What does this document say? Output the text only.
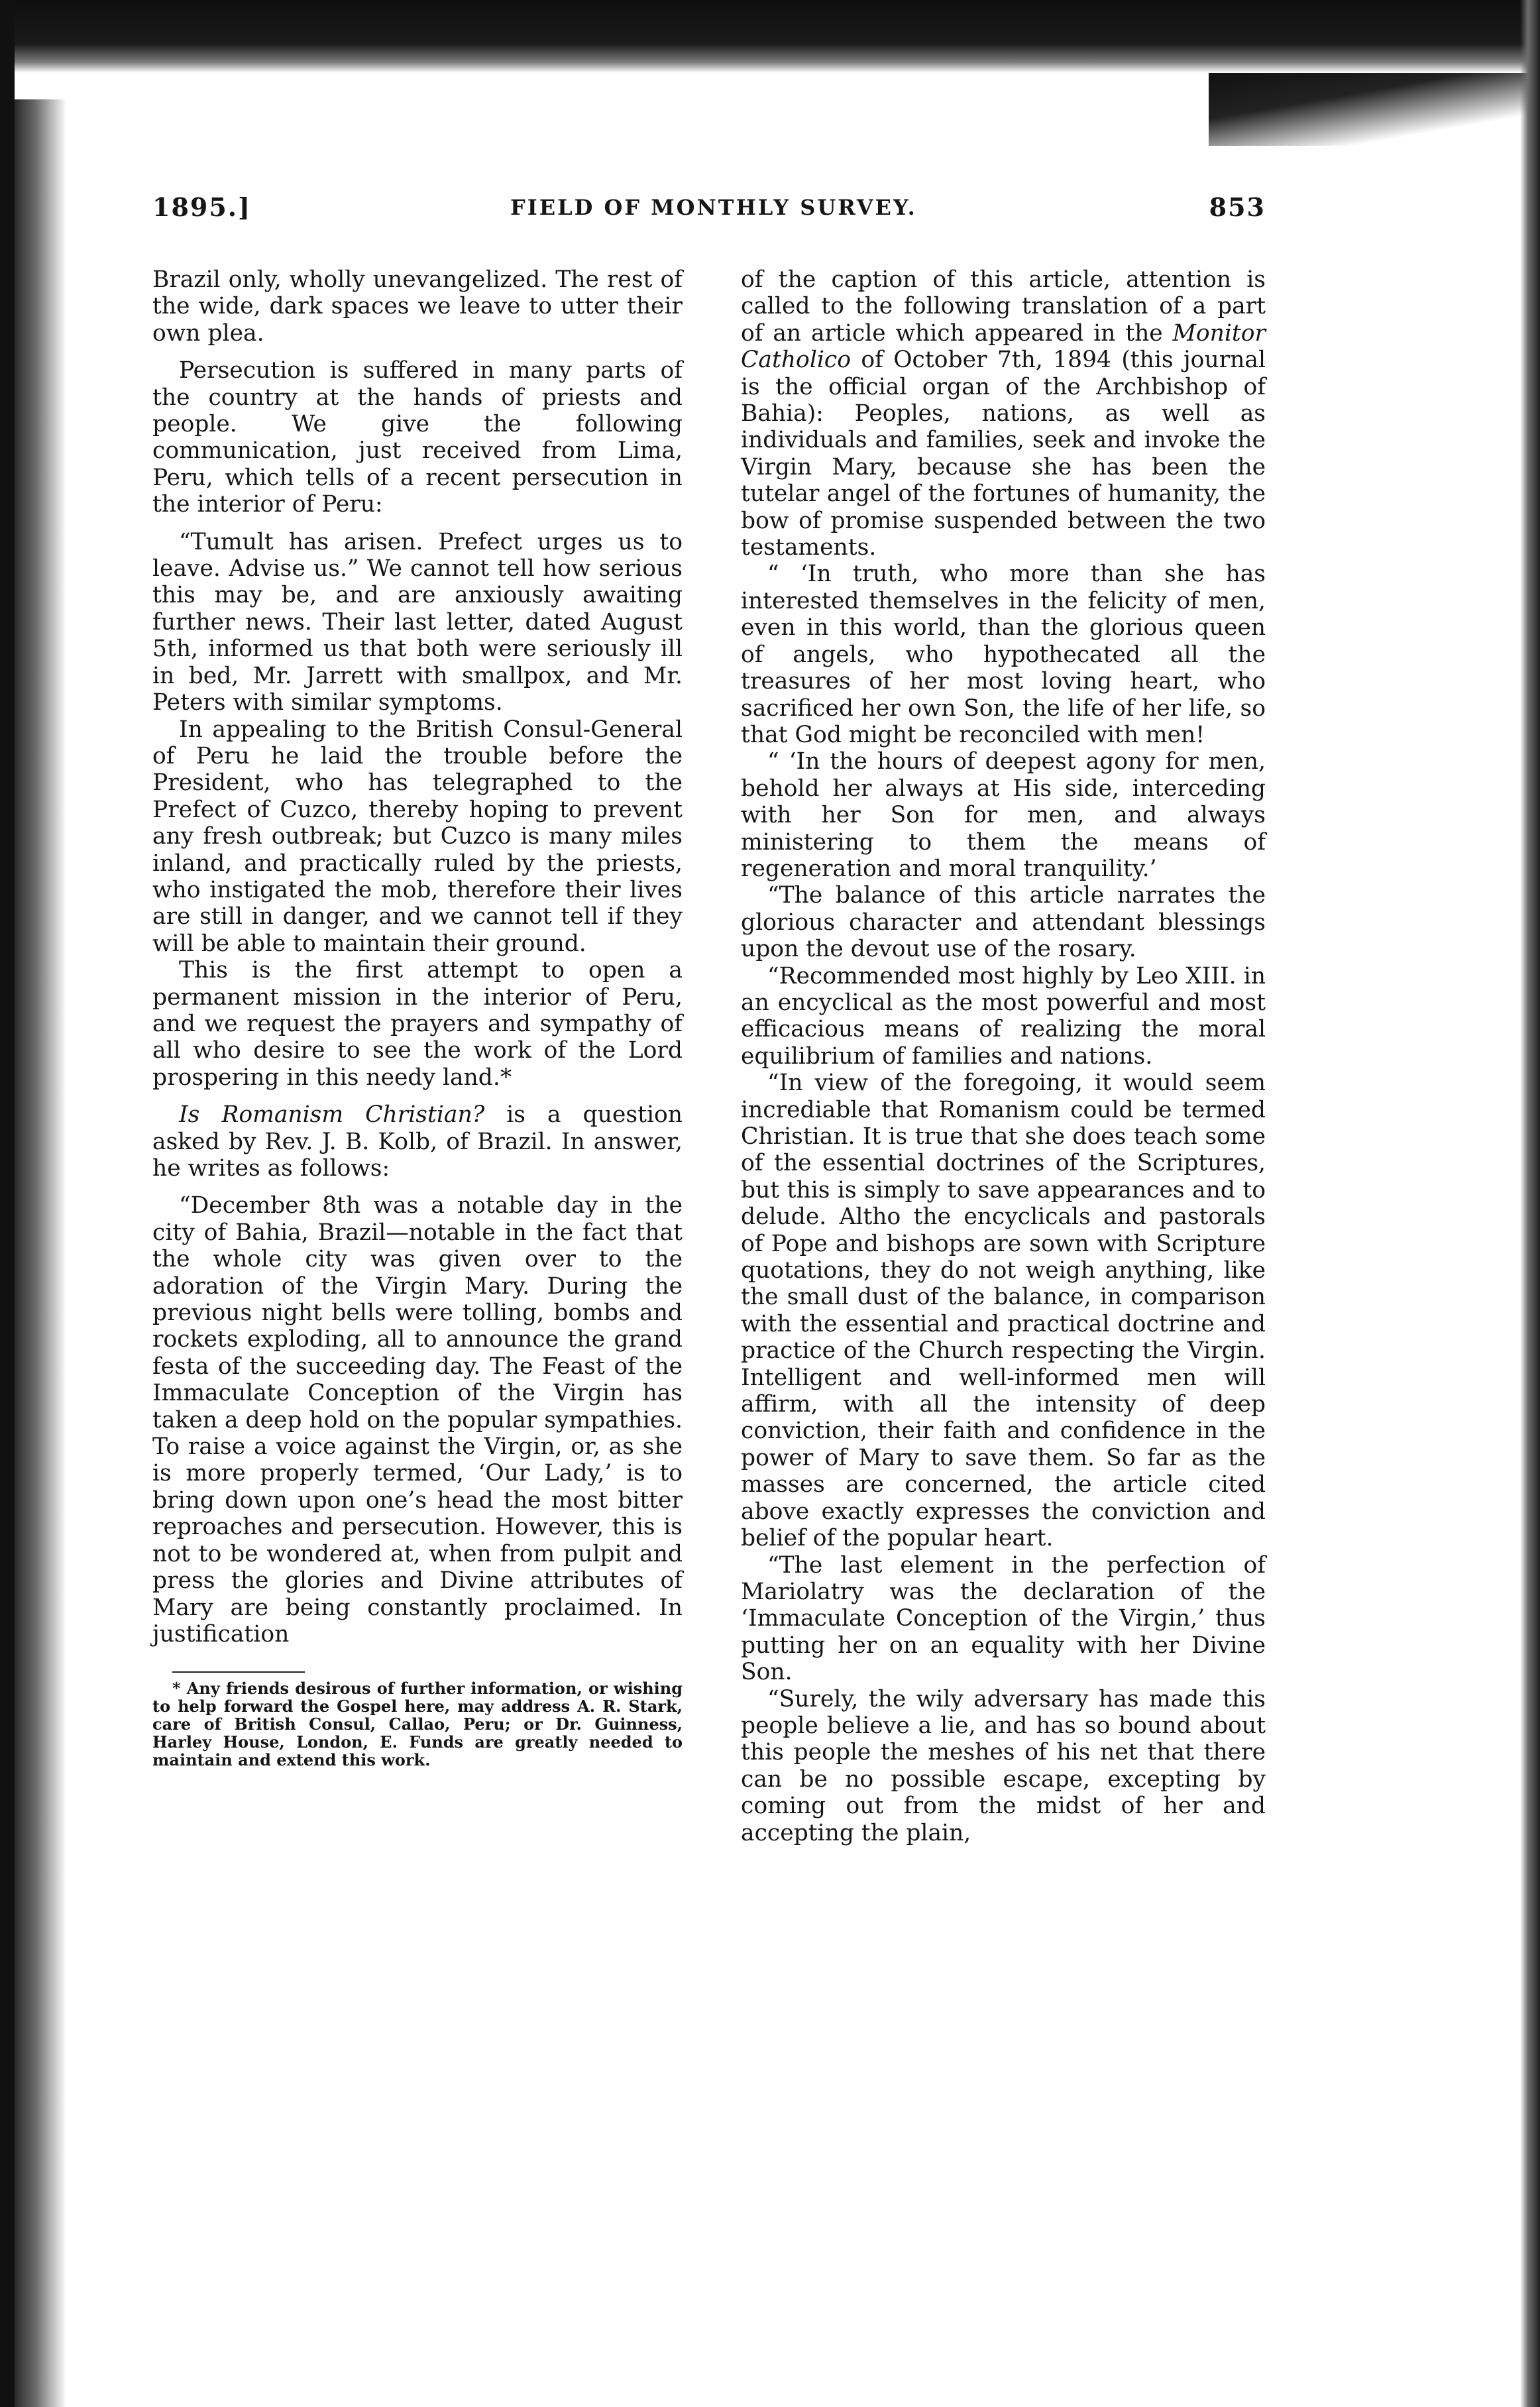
1895.]	FIELD OF MONTHLY SURVEY.	853

Brazil only, wholly unevangelized. The rest of the wide, dark spaces we leave to utter their own plea.

Persecution is suffered in many parts of the country at the hands of priests and people. We give the following communication, just received from Lima, Peru, which tells of a recent persecution in the interior of Peru:

“Tumult has arisen. Prefect urges us to leave. Advise us.” We cannot tell how serious this may be, and are anxiously awaiting further news. Their last letter, dated August 5th, informed us that both were seriously ill in bed, Mr. Jarrett with smallpox, and Mr. Peters with similar symptoms.

In appealing to the British Consul-General of Peru he laid the trouble before the President, who has telegraphed to the Prefect of Cuzco, thereby hoping to prevent any fresh outbreak; but Cuzco is many miles inland, and practically ruled by the priests, who instigated the mob, therefore their lives are still in danger, and we cannot tell if they will be able to maintain their ground.

This is the first attempt to open a permanent mission in the interior of Peru, and we request the prayers and sympathy of all who desire to see the work of the Lord prospering in this needy land.*

Is Romanism Christian? is a question asked by Rev. J. B. Kolb, of Brazil. In answer, he writes as follows:

“December 8th was a notable day in the city of Bahia, Brazil—notable in the fact that the whole city was given over to the adoration of the Virgin Mary. During the previous night bells were tolling, bombs and rockets exploding, all to announce the grand festa of the succeeding day. The Feast of the Immaculate Conception of the Virgin has taken a deep hold on the popular sympathies. To raise a voice against the Virgin, or, as she is more properly termed, ‘Our Lady,’ is to bring down upon one’s head the most bitter reproaches and persecution. However, this is not to be wondered at, when from pulpit and press the glories and Divine attributes of Mary are being constantly proclaimed. In justification

* Any friends desirous of further information, or wishing to help forward the Gospel here, may address A. R. Stark, care of British Consul, Callao, Peru; or Dr. Guinness, Harley House, London, E. Funds are greatly needed to maintain and extend this work.

of the caption of this article, attention is called to the following translation of a part of an article which appeared in the Monitor Catholico of October 7th, 1894 (this journal is the official organ of the Archbishop of Bahia): Peoples, nations, as well as individuals and families, seek and invoke the Virgin Mary, because she has been the tutelar angel of the fortunes of humanity, the bow of promise suspended between the two testaments.

“ ‘In truth, who more than she has interested themselves in the felicity of men, even in this world, than the glorious queen of angels, who hypothecated all the treasures of her most loving heart, who sacrificed her own Son, the life of her life, so that God might be reconciled with men!

“ ‘In the hours of deepest agony for men, behold her always at His side, interceding with her Son for men, and always ministering to them the means of regeneration and moral tranquility.’

“The balance of this article narrates the glorious character and attendant blessings upon the devout use of the rosary.

“Recommended most highly by Leo XIII. in an encyclical as the most powerful and most efficacious means of realizing the moral equilibrium of families and nations.

“In view of the foregoing, it would seem incrediable that Romanism could be termed Christian. It is true that she does teach some of the essential doctrines of the Scriptures, but this is simply to save appearances and to delude. Altho the encyclicals and pastorals of Pope and bishops are sown with Scripture quotations, they do not weigh anything, like the small dust of the balance, in comparison with the essential and practical doctrine and practice of the Church respecting the Virgin. Intelligent and well-informed men will affirm, with all the intensity of deep conviction, their faith and confidence in the power of Mary to save them. So far as the masses are concerned, the article cited above exactly expresses the conviction and belief of the popular heart.

“The last element in the perfection of Mariolatry was the declaration of the ‘Immaculate Conception of the Virgin,’ thus putting her on an equality with her Divine Son.

“Surely, the wily adversary has made this people believe a lie, and has so bound about this people the meshes of his net that there can be no possible escape, excepting by coming out from the midst of her and accepting the plain,
